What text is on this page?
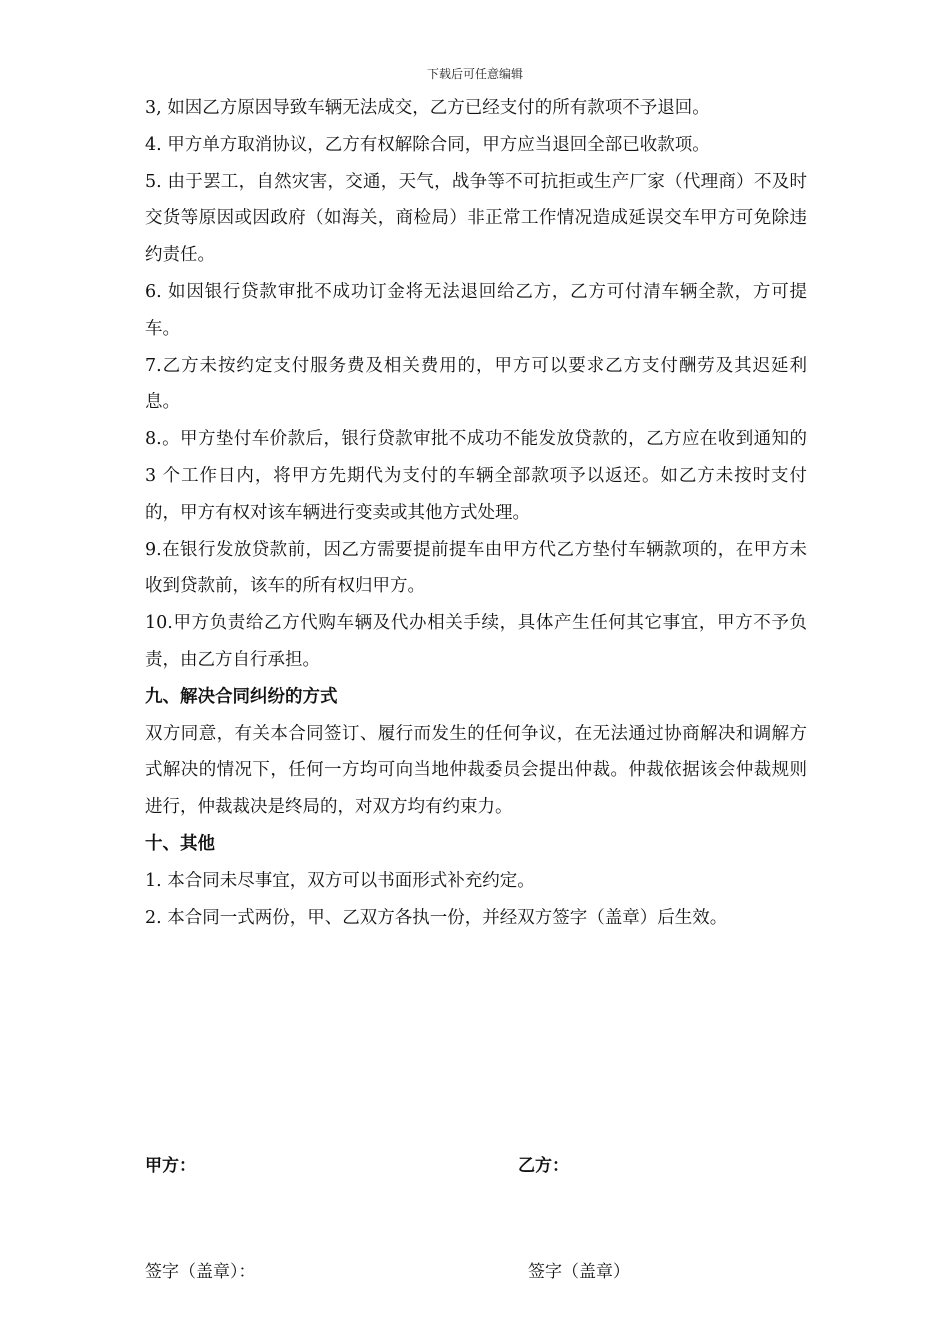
下载后可任意编辑

3, 如因乙方原因导致车辆无法成交，乙方已经支付的所有款项不予退回。

4. 甲方单方取消协议，乙方有权解除合同，甲方应当退回全部已收款项。

5. 由于罢工，自然灾害，交通，天气，战争等不可抗拒或生产厂家（代理商）不及时交货等原因或因政府（如海关，商检局）非正常工作情况造成延误交车甲方可免除违约责任。

6. 如因银行贷款审批不成功订金将无法退回给乙方，乙方可付清车辆全款，方可提车。

7.乙方未按约定支付服务费及相关费用的，甲方可以要求乙方支付酬劳及其迟延利息。

8.。甲方垫付车价款后，银行贷款审批不成功不能发放贷款的，乙方应在收到通知的 3 个工作日内，将甲方先期代为支付的车辆全部款项予以返还。如乙方未按时支付的，甲方有权对该车辆进行变卖或其他方式处理。

9.在银行发放贷款前，因乙方需要提前提车由甲方代乙方垫付车辆款项的，在甲方未收到贷款前，该车的所有权归甲方。

10.甲方负责给乙方代购车辆及代办相关手续，具体产生任何其它事宜，甲方不予负责，由乙方自行承担。

九、解决合同纠纷的方式

双方同意，有关本合同签订、履行而发生的任何争议，在无法通过协商解决和调解方式解决的情况下，任何一方均可向当地仲裁委员会提出仲裁。仲裁依据该会仲裁规则进行，仲裁裁决是终局的，对双方均有约束力。

十、其他

1. 本合同未尽事宜，双方可以书面形式补充约定。

2. 本合同一式两份，甲、乙双方各执一份，并经双方签字（盖章）后生效。

甲方：	乙方：
签字（盖章）：	签字（盖章）
